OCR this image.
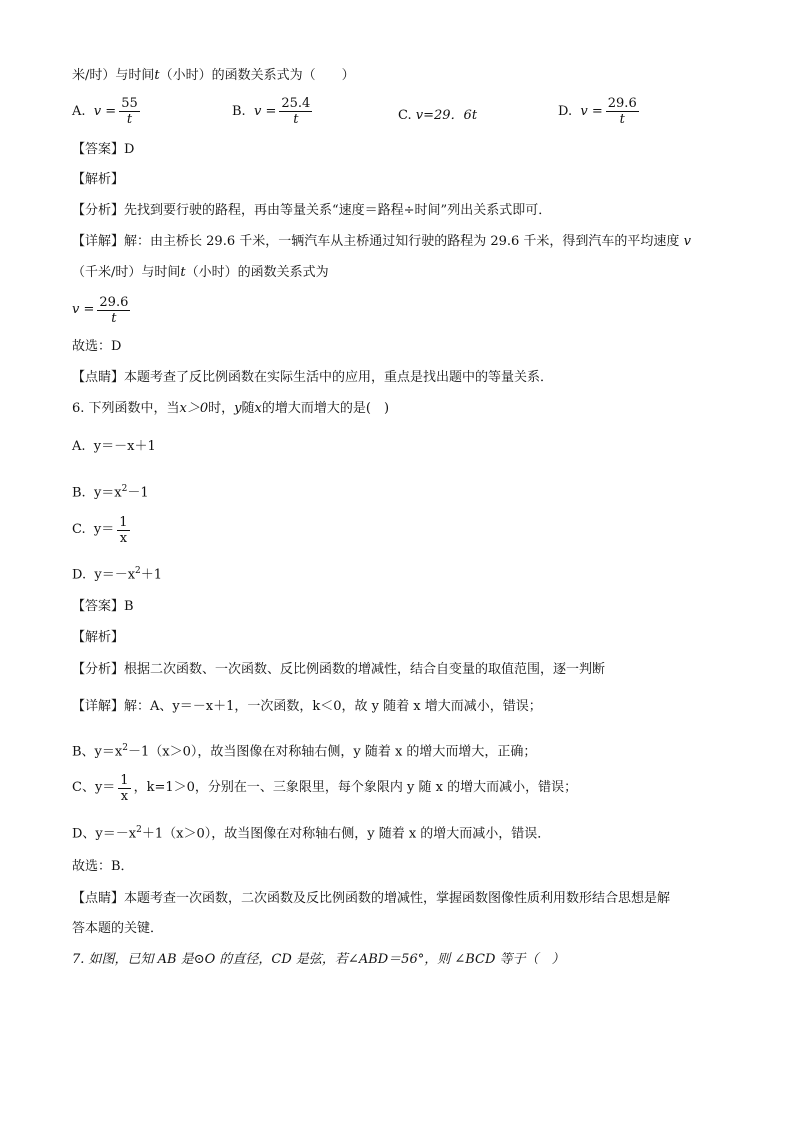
米/时）与时间t（小时）的函数关系式为（　　）
A.
v
= $\frac{55}{t}$	B.
v
= $\frac{25.4}{t}$	C.
v=29．6t	D.
v
= $\frac{29.6}{t}$
【答案】D
【解析】
【分析】先找到要行驶的路程，再由等量关系“速度＝路程÷时间”列出关系式即可．
【详解】解：由主桥长 29.6 千米，一辆汽车从主桥通过知行驶的路程为 29.6 千米，得到汽车的平均速度 v
（千米/时）与时间t（小时）的函数关系式为
v
= $\frac{29.6}{t}$
故选：D
【点睛】本题考查了反比例函数在实际生活中的应用，重点是找出题中的等量关系．
6. 下列函数中，当x＞0时，y随x的增大而增大的是(　)
A. y＝－x＋1
B. $y=x^2-1$
C.
$y= \frac{1}{x}$
D. $y=-x^2+1$
【答案】B
【解析】
【分析】根据二次函数、一次函数、反比例函数的增减性，结合自变量的取值范围，逐一判断
【详解】解：A、y＝－x＋1，一次函数，k＜0，故 y 随着 x 增大而减小，错误；
B、$y=x^2-1(x>0)$，故当图像在对称轴右侧，y 随着 x 的增大而增大，正确；
C、$y= \frac{1}{x}$ ，k=1＞0，分别在一、三象限里，每个象限内 y 随 x 的增大而减小，错误；
D、$y=-x^2+1(x>0)$，故当图像在对称轴右侧，y 随着 x 的增大而减小，错误．
故选：B．
【点睛】本题考查一次函数，二次函数及反比例函数的增减性，掌握函数图像性质利用数形结合思想是解
答本题的关键．
7. 如图，已知 AB 是⊙O 的直径，CD 是弦，若∠ABD＝56°，则 ∠BCD 等于（　）
